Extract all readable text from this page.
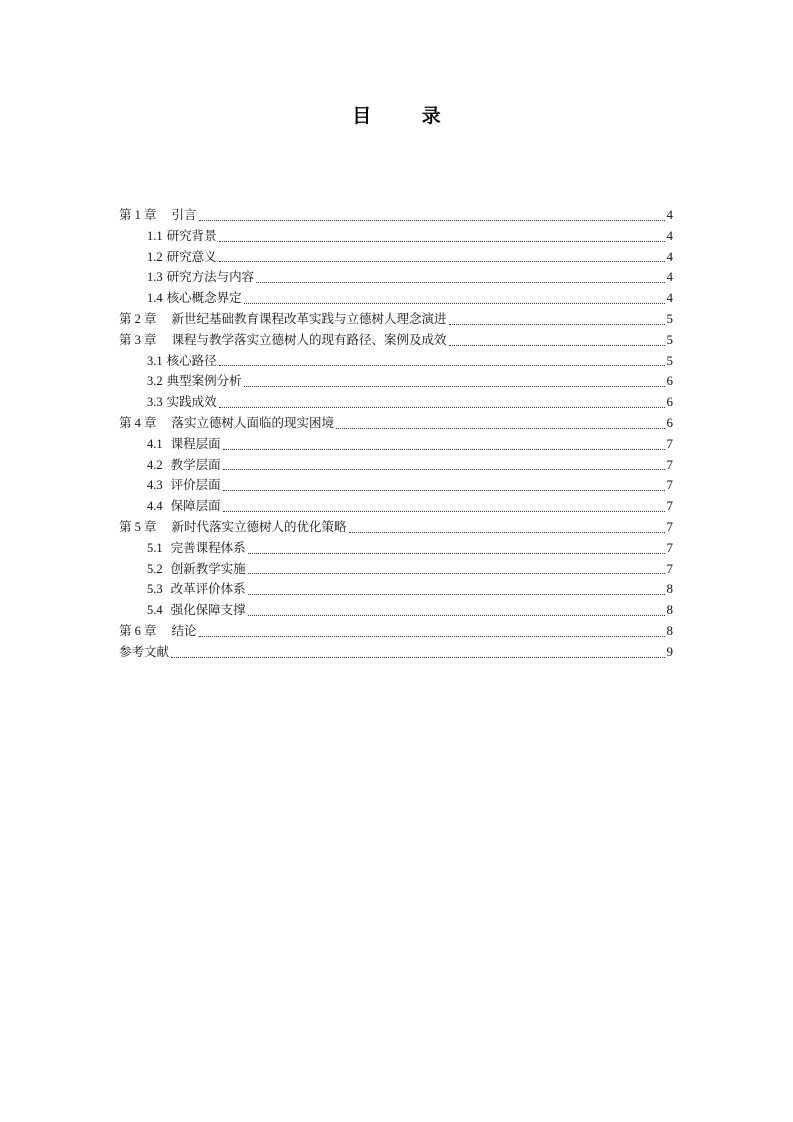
目 录
第 1 章 引言	4
1.1 研究背景	4
1.2 研究意义	4
1.3 研究方法与内容	4
1.4 核心概念界定	4
第 2 章 新世纪基础教育课程改革实践与立德树人理念演进	5
第 3 章 课程与教学落实立德树人的现有路径、案例及成效	5
3.1 核心路径	5
3.2 典型案例分析	6
3.3 实践成效	6
第 4 章 落实立德树人面临的现实困境	6
4.1 课程层面	7
4.2 教学层面	7
4.3 评价层面	7
4.4 保障层面	7
第 5 章 新时代落实立德树人的优化策略	7
5.1 完善课程体系	7
5.2 创新教学实施	7
5.3 改革评价体系	8
5.4 强化保障支撑	8
第 6 章 结论	8
参考文献	9
